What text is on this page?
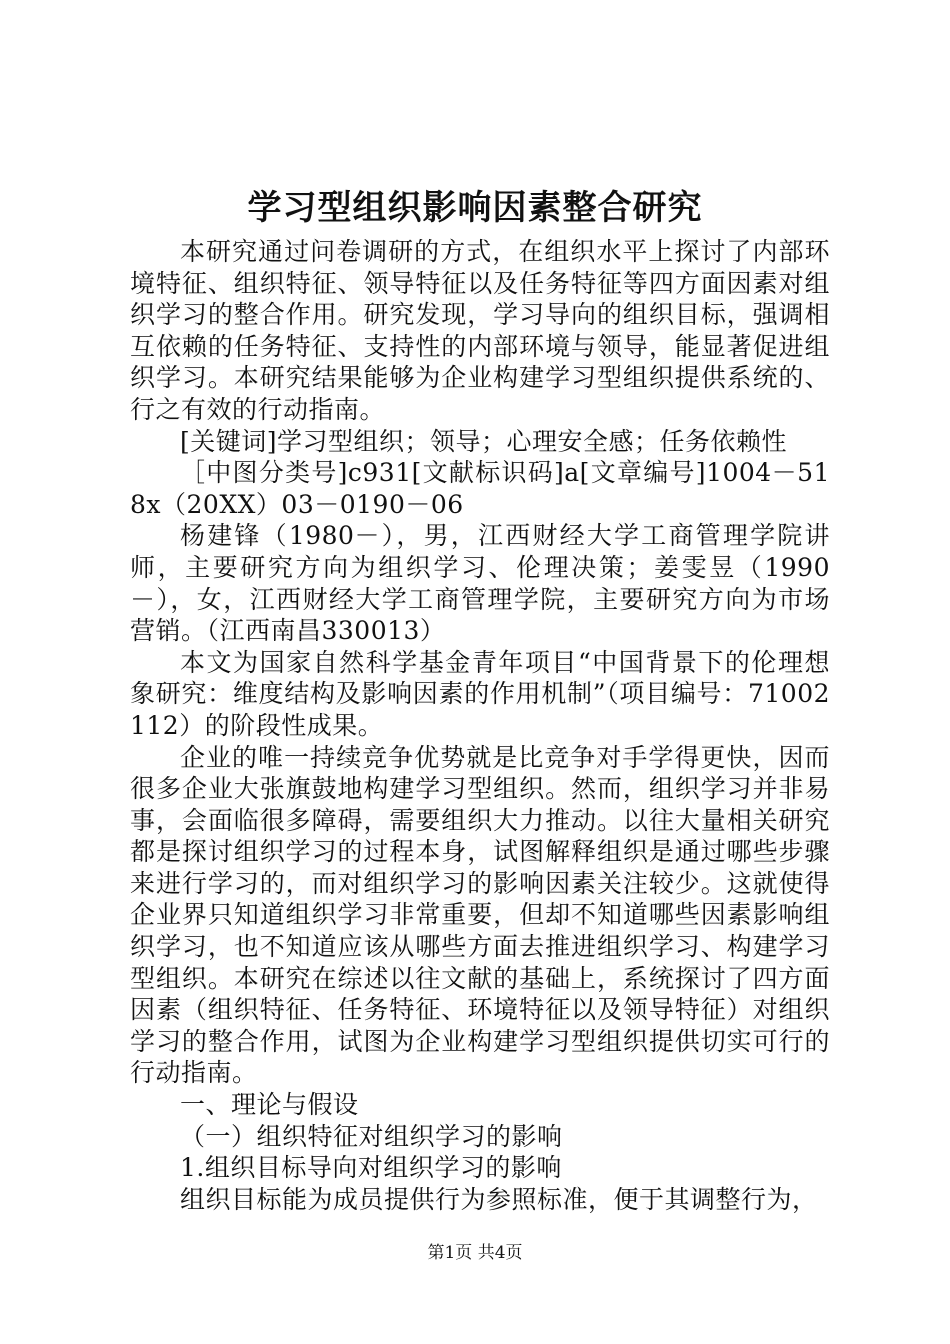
学习型组织影响因素整合研究

本研究通过问卷调研的方式，在组织水平上探讨了内部环境特征、组织特征、领导特征以及任务特征等四方面因素对组织学习的整合作用。研究发现，学习导向的组织目标，强调相互依赖的任务特征、支持性的内部环境与领导，能显著促进组织学习。本研究结果能够为企业构建学习型组织提供系统的、行之有效的行动指南。

[关键词]学习型组织；领导；心理安全感；任务依赖性

［中图分类号]c931[文献标识码]a[文章编号]1004－518x（20XX）03－0190－06

杨建锋（1980－），男，江西财经大学工商管理学院讲师，主要研究方向为组织学习、伦理决策；姜雯昱（1990－），女，江西财经大学工商管理学院，主要研究方向为市场营销。（江西南昌330013）

本文为国家自然科学基金青年项目“中国背景下的伦理想象研究：维度结构及影响因素的作用机制”（项目编号：71002112）的阶段性成果。

企业的唯一持续竞争优势就是比竞争对手学得更快，因而很多企业大张旗鼓地构建学习型组织。然而，组织学习并非易事，会面临很多障碍，需要组织大力推动。以往大量相关研究都是探讨组织学习的过程本身，试图解释组织是通过哪些步骤来进行学习的，而对组织学习的影响因素关注较少。这就使得企业界只知道组织学习非常重要，但却不知道哪些因素影响组织学习，也不知道应该从哪些方面去推进组织学习、构建学习型组织。本研究在综述以往文献的基础上，系统探讨了四方面因素（组织特征、任务特征、环境特征以及领导特征）对组织学习的整合作用，试图为企业构建学习型组织提供切实可行的行动指南。

一、理论与假设

（一）组织特征对组织学习的影响

1.组织目标导向对组织学习的影响

组织目标能为成员提供行为参照标准，便于其调整行为，

第1页 共4页
